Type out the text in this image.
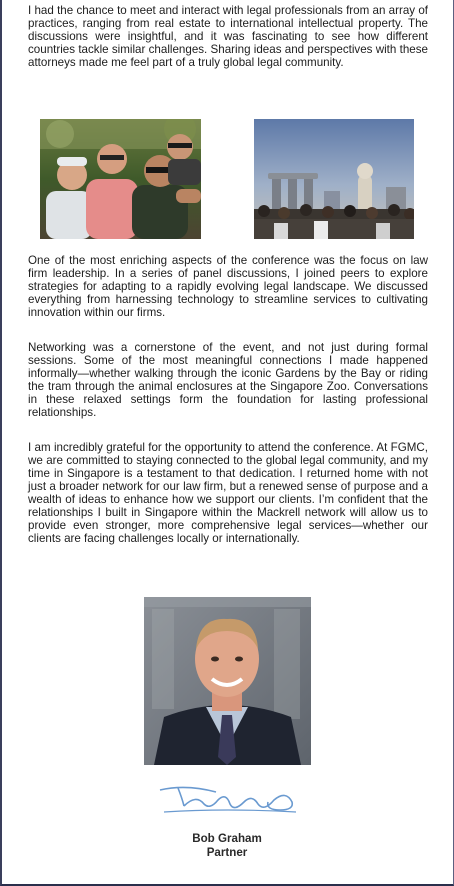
I had the chance to meet and interact with legal professionals from an array of practices, ranging from real estate to international intellectual property. The discussions were insightful, and it was fascinating to see how different countries tackle similar challenges. Sharing ideas and perspectives with these attorneys made me feel part of a truly global legal community.

One of the most enriching aspects of the conference was the focus on law firm leadership. In a series of panel discussions, I joined peers to explore strategies for adapting to a rapidly evolving legal landscape. We discussed everything from harnessing technology to streamline services to cultivating innovation within our firms.

Networking was a cornerstone of the event, and not just during formal sessions. Some of the most meaningful connections I made happened informally—whether walking through the iconic Gardens by the Bay or riding the tram through the animal enclosures at the Singapore Zoo. Conversations in these relaxed settings form the foundation for lasting professional relationships.

I am incredibly grateful for the opportunity to attend the conference. At FGMC, we are committed to staying connected to the global legal community, and my time in Singapore is a testament to that dedication. I returned home with not just a broader network for our law firm, but a renewed sense of purpose and a wealth of ideas to enhance how we support our clients. I’m confident that the relationships I built in Singapore within the Mackrell network will allow us to provide even stronger, more comprehensive legal services—whether our clients are facing challenges locally or internationally.

Bob Graham
Partner
